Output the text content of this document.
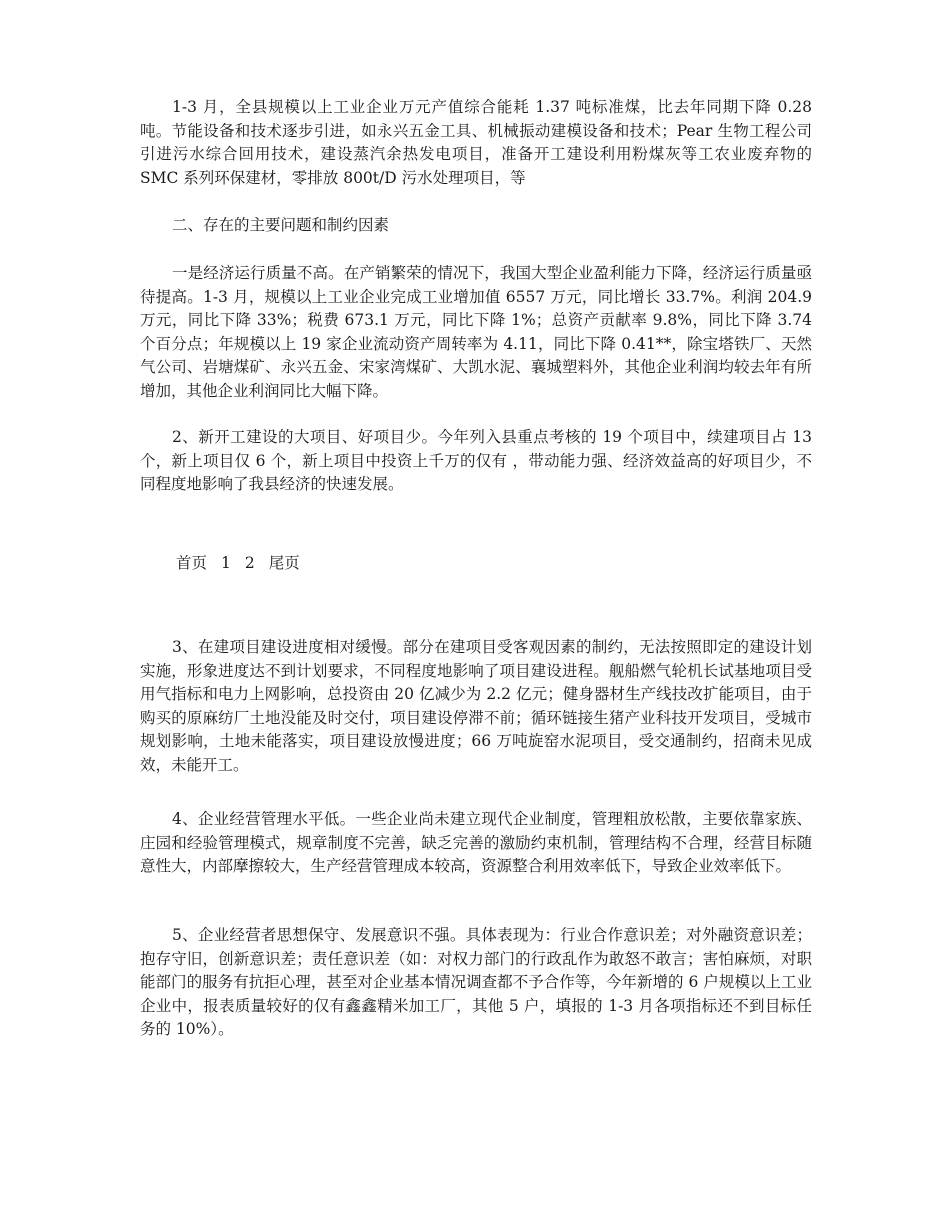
1-3 月，全县规模以上工业企业万元产值综合能耗 1.37 吨标准煤，比去年同期下降 0.28 吨。节能设备和技术逐步引进，如永兴五金工具、机械振动建模设备和技术；Pear 生物工程公司引进污水综合回用技术，建设蒸汽余热发电项目，准备开工建设利用粉煤灰等工农业废弃物的 SMC 系列环保建材，零排放 800t/D 污水处理项目，等

二、存在的主要问题和制约因素

一是经济运行质量不高。在产销繁荣的情况下，我国大型企业盈利能力下降，经济运行质量亟待提高。1-3 月，规模以上工业企业完成工业增加值 6557 万元，同比增长 33.7%。利润 204.9 万元，同比下降 33%；税费 673.1 万元，同比下降 1%；总资产贡献率 9.8%，同比下降 3.74 个百分点；年规模以上 19 家企业流动资产周转率为 4.11，同比下降 0.41**，除宝塔铁厂、天然气公司、岩塘煤矿、永兴五金、宋家湾煤矿、大凯水泥、襄城塑料外，其他企业利润均较去年有所增加，其他企业利润同比大幅下降。

2、新开工建设的大项目、好项目少。今年列入县重点考核的 19 个项目中，续建项目占 13 个，新上项目仅 6 个，新上项目中投资上千万的仅有 ，带动能力强、经济效益高的好项目少，不同程度地影响了我县经济的快速发展。

首页 1 2 尾页

3、在建项目建设进度相对缓慢。部分在建项目受客观因素的制约，无法按照即定的建设计划实施，形象进度达不到计划要求，不同程度地影响了项目建设进程。舰船燃气轮机长试基地项目受用气指标和电力上网影响，总投资由 20 亿减少为 2.2 亿元；健身器材生产线技改扩能项目，由于购买的原麻纺厂土地没能及时交付，项目建设停滞不前；循环链接生猪产业科技开发项目，受城市规划影响，土地未能落实，项目建设放慢进度；66 万吨旋窑水泥项目，受交通制约，招商未见成效，未能开工。

4、企业经营管理水平低。一些企业尚未建立现代企业制度，管理粗放松散，主要依靠家族、庄园和经验管理模式，规章制度不完善，缺乏完善的激励约束机制，管理结构不合理，经营目标随意性大，内部摩擦较大，生产经营管理成本较高，资源整合利用效率低下，导致企业效率低下。

5、企业经营者思想保守、发展意识不强。具体表现为：行业合作意识差；对外融资意识差；抱存守旧，创新意识差；责任意识差（如：对权力部门的行政乱作为敢怒不敢言；害怕麻烦，对职能部门的服务有抗拒心理，甚至对企业基本情况调查都不予合作等，今年新增的 6 户规模以上工业企业中，报表质量较好的仅有鑫鑫精米加工厂，其他 5 户，填报的 1-3 月各项指标还不到目标任务的 10%）。
